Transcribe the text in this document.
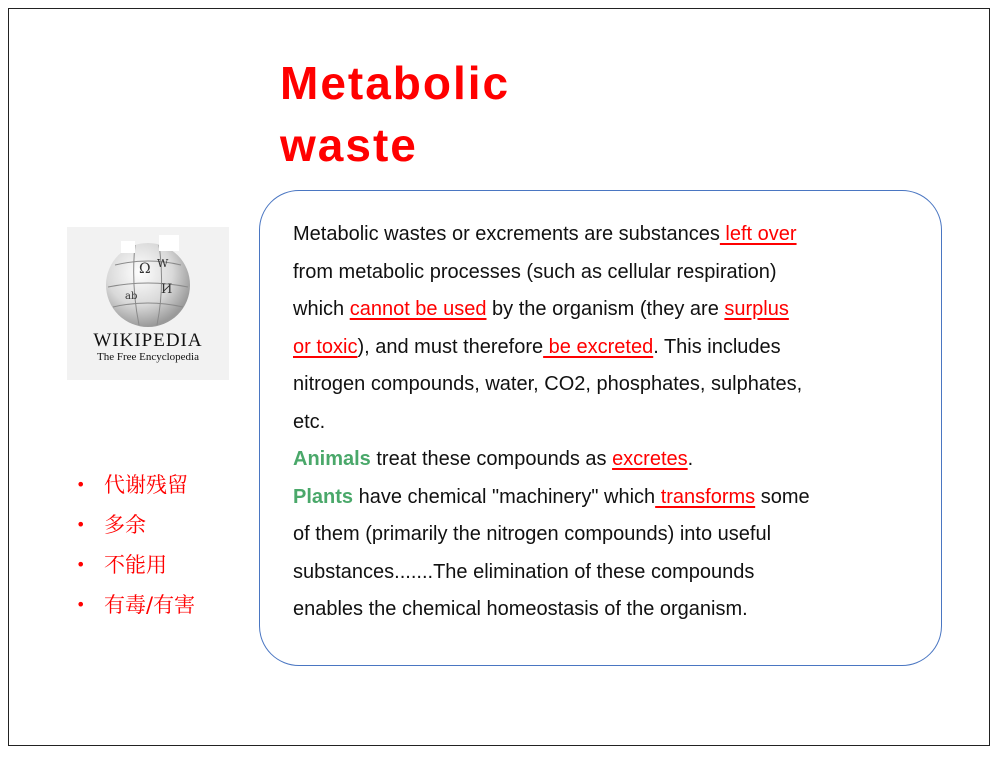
Metabolic
waste
Ω W
И
ab
WIKIPEDIA
The Free Encyclopedia
• 代谢残留
• 多余
• 不能用
• 有毒/有害
Metabolic wastes or excrements are substances left over
from metabolic processes (such as cellular respiration)
which cannot be used by the organism (they are surplus
or toxic), and must therefore be excreted. This includes
nitrogen compounds, water, CO2, phosphates, sulphates,
etc.
Animals treat these compounds as excretes.
Plants have chemical "machinery" which transforms some
of them (primarily the nitrogen compounds) into useful
substances.......The elimination of these compounds
enables the chemical homeostasis of the organism.
